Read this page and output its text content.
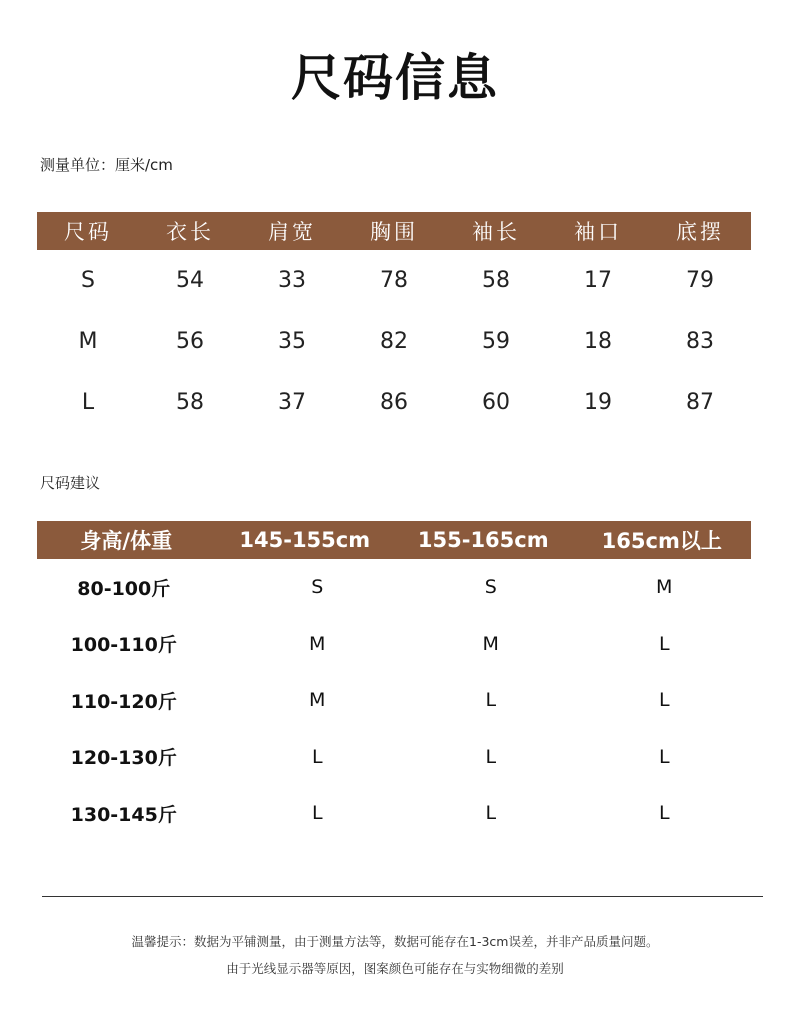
尺码信息
测量单位：厘米/cm
尺码	衣长	肩宽	胸围	袖长	袖口	底摆
S	54	33	78	58	17	79
M	56	35	82	59	18	83
L	58	37	86	60	19	87
尺码建议
身高/体重	145-155cm	155-165cm	165cm以上
80-100斤	S	S	M
100-110斤	M	M	L
110-120斤	M	L	L
120-130斤	L	L	L
130-145斤	L	L	L
温馨提示：数据为平铺测量，由于测量方法等，数据可能存在1-3cm误差，并非产品质量问题。
由于光线显示器等原因，图案颜色可能存在与实物细微的差别
